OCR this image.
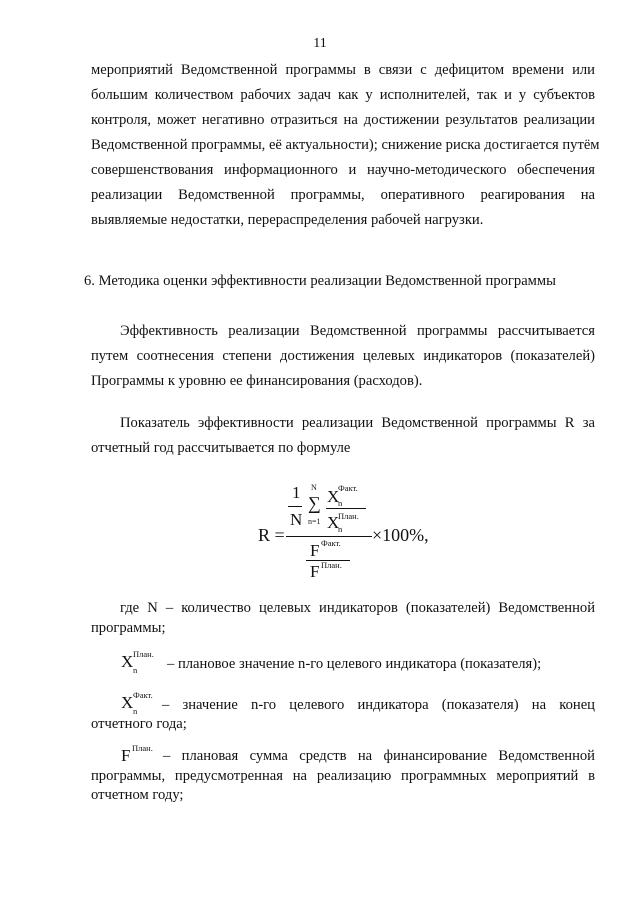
11
мероприятий Ведомственной программы в связи с дефицитом времени или
большим количеством рабочих задач как у исполнителей, так и у субъектов
контроля, может негативно отразиться на достижении результатов реализации
Ведомственной программы, её актуальности); снижение риска достигается путём
совершенствования информационного и научно-методического обеспечения
реализации Ведомственной программы, оперативного реагирования на
выявляемые недостатки, перераспределения рабочей нагрузки.
6. Методика оценки эффективности реализации Ведомственной программы
Эффективность реализации Ведомственной программы рассчитывается
путем соотнесения степени достижения целевых индикаторов (показателей)
Программы к уровню ее финансирования (расходов).
Показатель эффективности реализации Ведомственной программы R за
отчетный год рассчитывается по формуле
R =
1
N
N
∑
n=1
X
Факт.
n
X
План.
n
F Факт.
F План.
×100%,
где N – количество целевых индикаторов (показателей) Ведомственной
программы;
X План.
n – плановое значение n-го целевого индикатора (показателя);
X Факт.
n – значение n-го целевого индикатора (показателя) на конец
отчетного года;
F План. – плановая сумма средств на финансирование Ведомственной
программы, предусмотренная на реализацию программных мероприятий в
отчетном году;
